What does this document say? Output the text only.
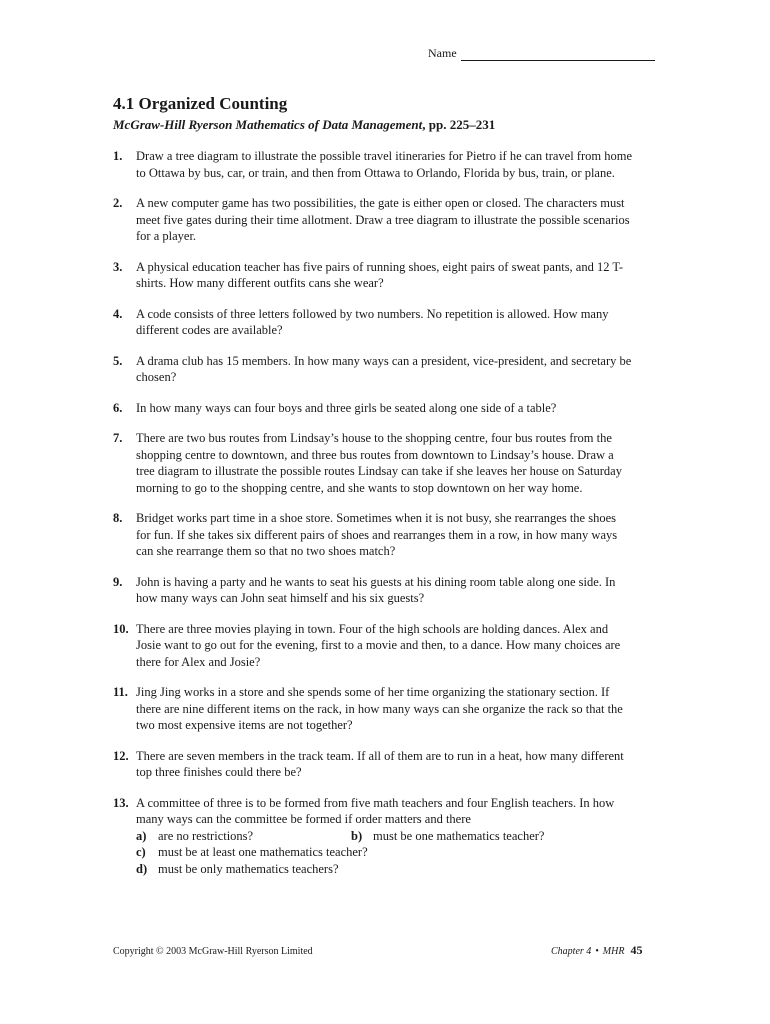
Name
4.1 Organized Counting
McGraw-Hill Ryerson Mathematics of Data Management, pp. 225–231
1.	Draw a tree diagram to illustrate the possible travel itineraries for Pietro if he can travel from home to Ottawa by bus, car, or train, and then from Ottawa to Orlando, Florida by bus, train, or plane.
2.	A new computer game has two possibilities, the gate is either open or closed. The characters must meet five gates during their time allotment. Draw a tree diagram to illustrate the possible scenarios for a player.
3.	A physical education teacher has five pairs of running shoes, eight pairs of sweat pants, and 12 T-shirts. How many different outfits cans she wear?
4.	A code consists of three letters followed by two numbers. No repetition is allowed. How many different codes are available?
5.	A drama club has 15 members. In how many ways can a president, vice-president, and secretary be chosen?
6.	In how many ways can four boys and three girls be seated along one side of a table?
7.	There are two bus routes from Lindsay’s house to the shopping centre, four bus routes from the shopping centre to downtown, and three bus routes from downtown to Lindsay’s house. Draw a tree diagram to illustrate the possible routes Lindsay can take if she leaves her house on Saturday morning to go to the shopping centre, and she wants to stop downtown on her way home.
8.	Bridget works part time in a shoe store. Sometimes when it is not busy, she rearranges the shoes for fun. If she takes six different pairs of shoes and rearranges them in a row, in how many ways can she rearrange them so that no two shoes match?
9.	John is having a party and he wants to seat his guests at his dining room table along one side. In how many ways can John seat himself and his six guests?
10. There are three movies playing in town. Four of the high schools are holding dances. Alex and Josie want to go out for the evening, first to a movie and then, to a dance. How many choices are there for Alex and Josie?
11. Jing Jing works in a store and she spends some of her time organizing the stationary section. If there are nine different items on the rack, in how many ways can she organize the rack so that the two most expensive items are not together?
12. There are seven members in the track team. If all of them are to run in a heat, how many different top three finishes could there be?
13. A committee of three is to be formed from five math teachers and four English teachers. In how many ways can the committee be formed if order matters and there
a) are no restrictions?	b) must be one mathematics teacher?
c) must be at least one mathematics teacher?
d) must be only mathematics teachers?
Copyright © 2003 McGraw-Hill Ryerson Limited	Chapter 4 • MHR 45
